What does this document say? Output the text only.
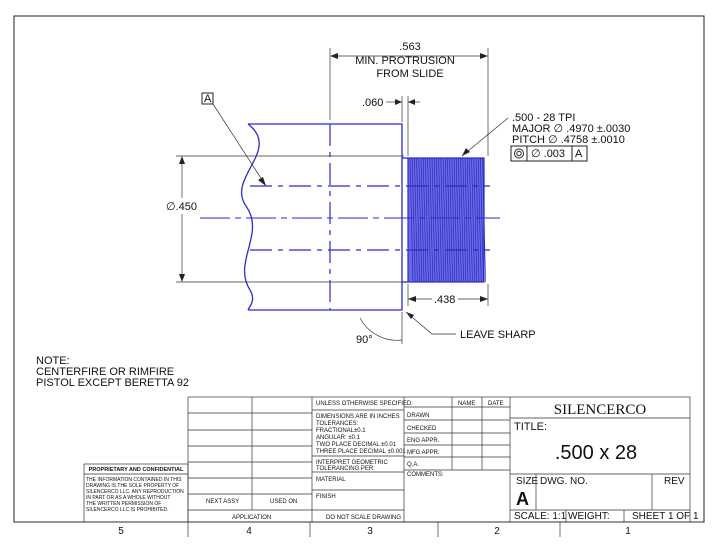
5	4	3	2	1
.563
MIN. PROTRUSION
FROM SLIDE
.060
.500 - 28 TPI
MAJOR ∅ .4970 ±.0030
PITCH ∅ .4758 ±.0010
∅ .003 A
A
∅.450
.438
90°	LEAVE SHARP
NOTE:
CENTERFIRE OR RIMFIRE
PISTOL EXCEPT BERETTA 92
NEXT ASSY	USED ON
APPLICATION
UNLESS OTHERWISE SPECIFIED:
DIMENSIONS ARE IN INCHES
TOLERANCES:
FRACTIONAL±0.1
ANGULAR: ±0.1
TWO PLACE DECIMAL ±0.01
THREE PLACE DECIMAL ±0.001
INTERPRET GEOMETRIC
TOLERANCING PER:
MATERIAL
FINISH
DO NOT SCALE DRAWING
NAME DATE
DRAWN
CHECKED
ENG APPR.
MFG APPR.
Q.A.
COMMENTS:
SILENCERCO
TITLE:
.500 x 28
SIZE
A
DWG. NO.	REV
SCALE: 1:1 WEIGHT: SHEET 1 OF 1
PROPRIETARY AND CONFIDENTIAL
THE INFORMATION CONTAINED IN THIS
DRAWING IS THE SOLE PROPERTY OF
SILENCERCO LLC. ANY REPRODUCTION
IN PART OR AS A WHOLE WITHOUT
THE WRITTEN PERMISSION OF
SILENCERCO LLC IS PROHIBITED.
